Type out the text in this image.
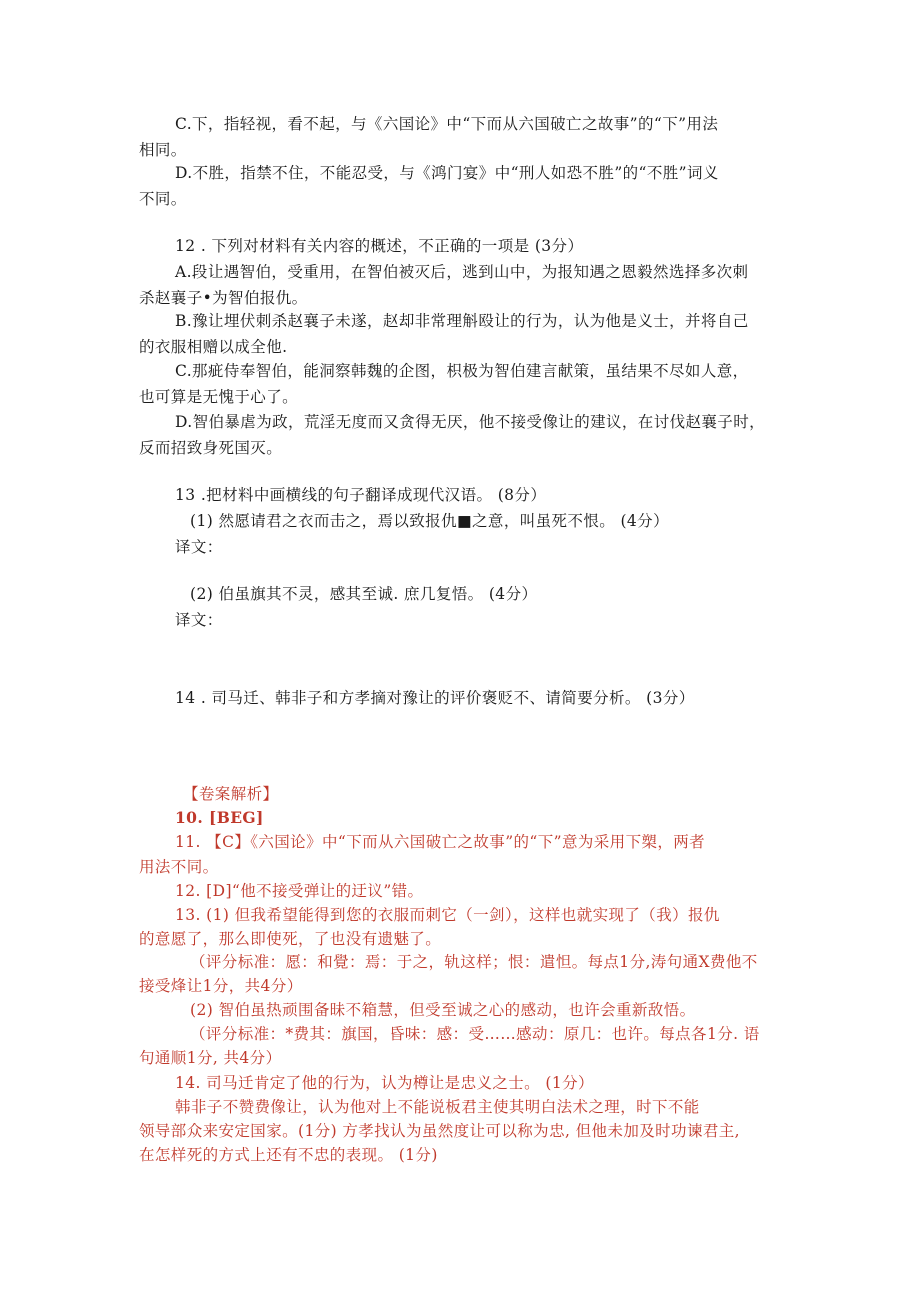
C.下，指轻视，看不起，与《六国论》中“下而从六国破亡之故事”的“下”用法
相同。
D.不胜，指禁不住，不能忍受，与《鸿门宴》中“刑人如恐不胜”的“不胜”词义
不同。
12 . 下列对材料有关内容的概述，不正确的一项是 (3分）
A.段让遇智伯，受重用，在智伯被灭后，逃到山中，为报知遇之恩毅然选择多次刺
杀赵襄子•为智伯报仇。
B.豫让埋伏刺杀赵襄子未遂，赵却非常理斛殴让的行为，认为他是义士，并将自己
的衣服相赠以成全他.
C.那疵侍奉智伯，能洞察韩魏的企图，枳极为智伯建言献策，虽结果不尽如人意，
也可算是无愧于心了。
D.智伯暴虐为政，荒淫无度而又贪得无厌，他不接受像让的建议，在讨伐赵襄子时，
反而招致身死国灭。
13 .把材料中画横线的句子翻译成现代汉语。 (8分）
(1) 然愿请君之衣而击之，焉以致报仇■之意，叫虽死不恨。 (4分）
译文：
(2) 伯虽旗其不灵，感其至诚. 庶几复悟。 (4分）
译文：
14 . 司马迁、韩非子和方孝摘对豫让的评价褒贬不、请简要分析。 (3分）
【卷案解析】
10. [BEG]
11. 【C】《六国论》中“下而从六国破亡之故事”的“下”意为采用下槊，两者
用法不同。
12. [D]“他不接受弹让的迂议”错。
13. (1) 但我希望能得到您的衣服而刺它（一剑），这样也就实现了（我）报仇
的意愿了，那么即使死，了也没有遗魅了。
（评分标准：愿：和覺：焉：于之，轨这样；恨：遣怛。每点1分,涛句通X费他不
接受烽让1分，共4分）
(2) 智伯虽热顽围备昧不箱慧，但受至诚之心的感动，也许会重新敌悟。
（评分标准：*费其：旗国，昏味：感：受……感动：原几：也许。每点各1分. 语
句通顺1分, 共4分）
14. 司马迁肯定了他的行为，认为樽让是忠义之士。 (1分）
韩非子不赞费像让，认为他对上不能说板君主使其明白法术之理，时下不能
领导部众来安定国家。(1分) 方孝找认为虽然度让可以称为忠, 但他未加及时功谏君主,
在怎样死的方式上还有不忠的表现。 (1分)
